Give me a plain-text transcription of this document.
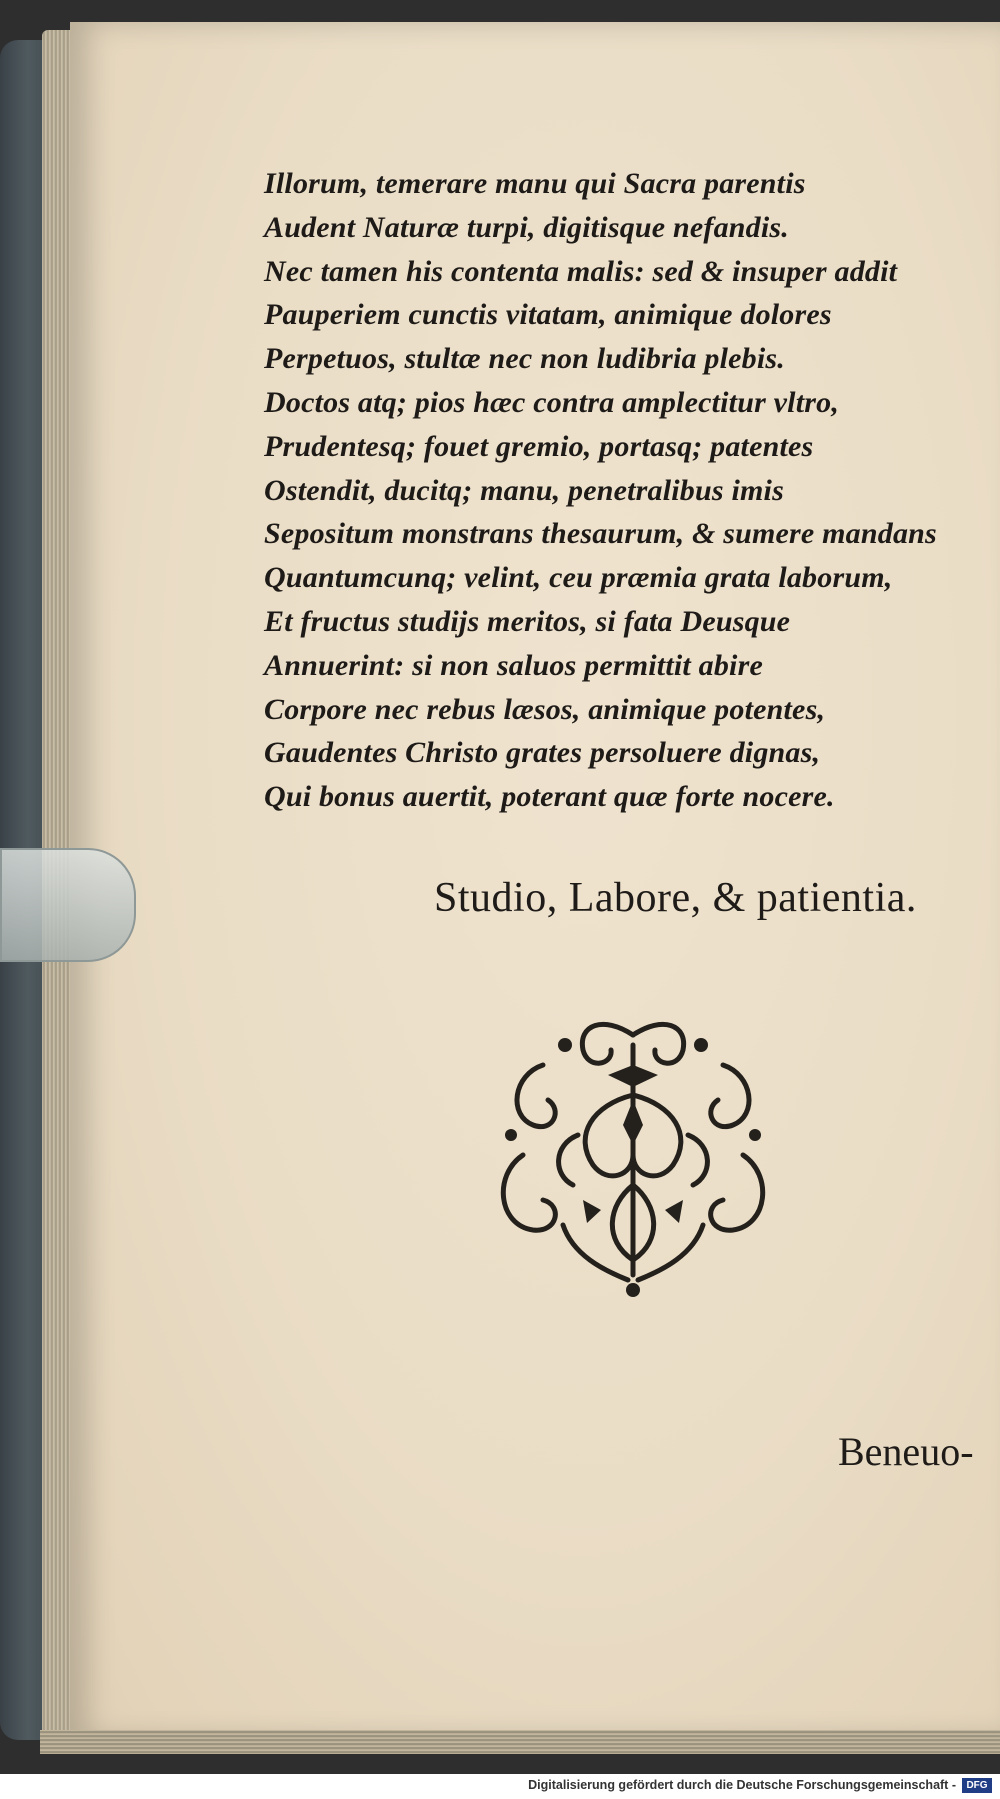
Illorum, temerare manu qui Sacra parentis
Audent Naturæ turpi, digitisque nefandis.
Nec tamen his contenta malis: sed & insuper addit
Pauperiem cunctis vitatam, animique dolores
Perpetuos, stultæ nec non ludibria plebis.
Doctos atq; pios hæc contra amplectitur vltro,
Prudentesq; fouet gremio, portasq; patentes
Ostendit, ducitq; manu, penetralibus imis
Sepositum monstrans thesaurum, & sumere mandans
Quantumcunq; velint, ceu præmia grata laborum,
Et fructus studijs meritos, si fata Deusque
Annuerint: si non saluos permittit abire
Corpore nec rebus læsos, animique potentes,
Gaudentes Christo grates persoluere dignas,
Qui bonus auertit, poterant quæ forte nocere.
Studio, Labore, & patientia.
Beneuo-
Digitalisierung gefördert durch die Deutsche Forschungsgemeinschaft -	DFG
